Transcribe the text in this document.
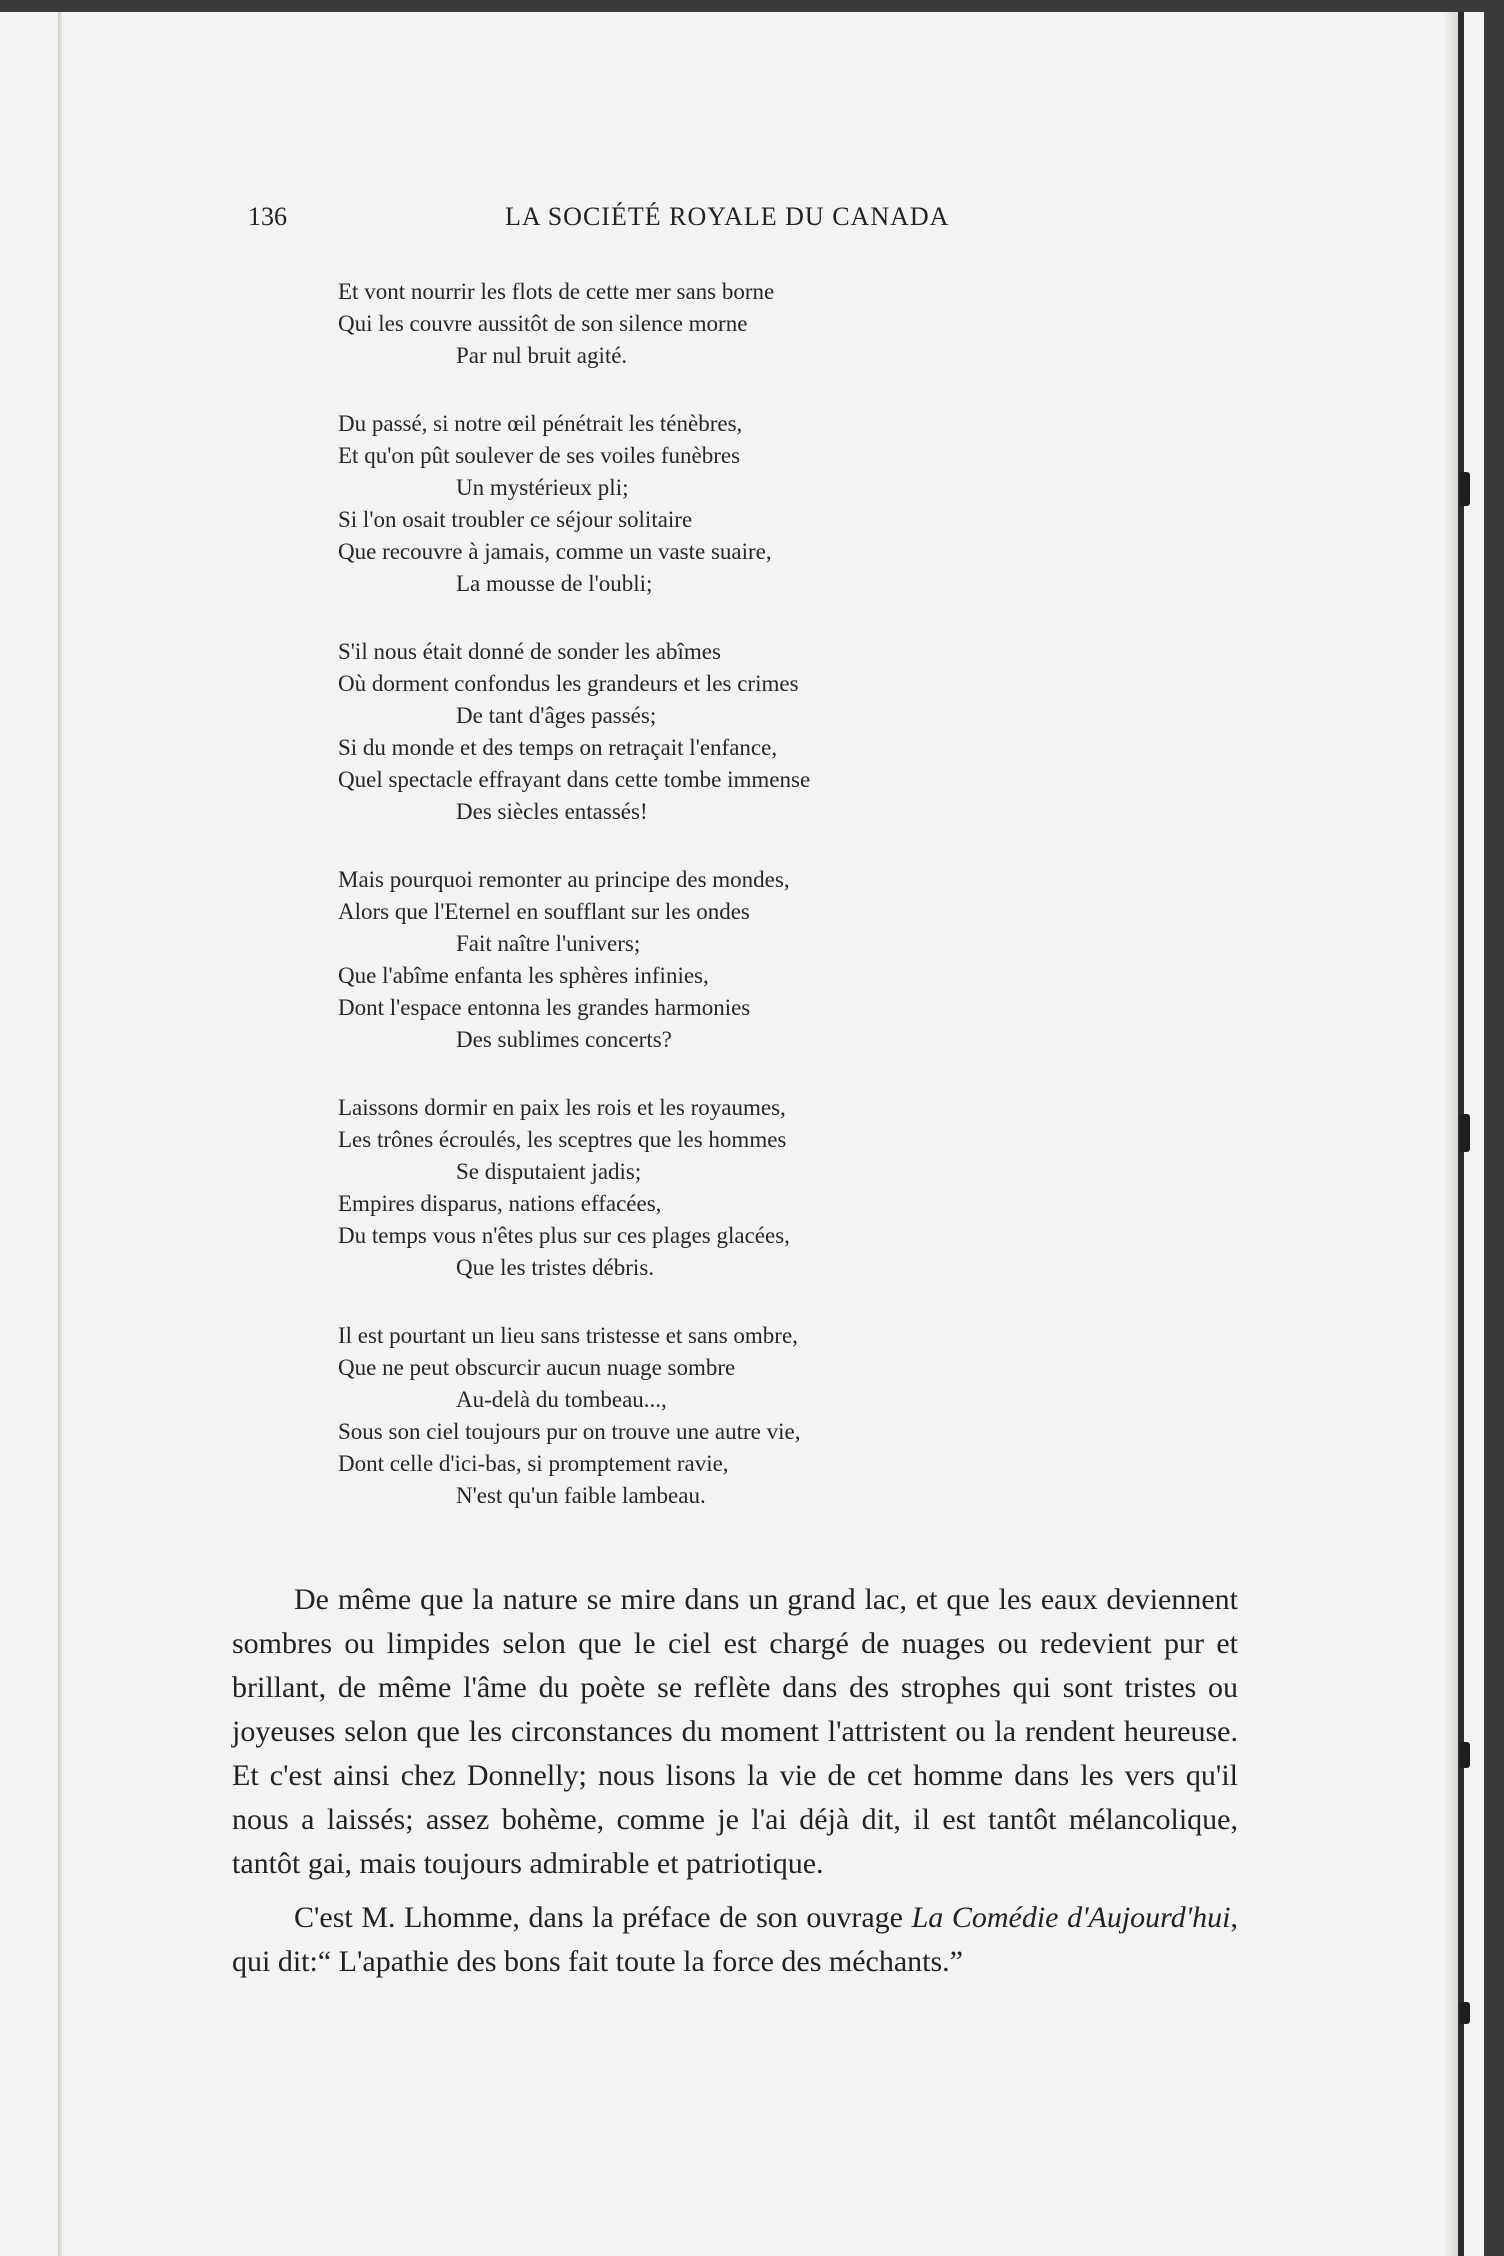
136	LA SOCIÉTÉ ROYALE DU CANADA
Et vont nourrir les flots de cette mer sans borne
Qui les couvre aussitôt de son silence morne
Par nul bruit agité.
Du passé, si notre œil pénétrait les ténèbres,
Et qu'on pût soulever de ses voiles funèbres
Un mystérieux pli;
Si l'on osait troubler ce séjour solitaire
Que recouvre à jamais, comme un vaste suaire,
La mousse de l'oubli;
S'il nous était donné de sonder les abîmes
Où dorment confondus les grandeurs et les crimes
De tant d'âges passés;
Si du monde et des temps on retraçait l'enfance,
Quel spectacle effrayant dans cette tombe immense
Des siècles entassés!
Mais pourquoi remonter au principe des mondes,
Alors que l'Eternel en soufflant sur les ondes
Fait naître l'univers;
Que l'abîme enfanta les sphères infinies,
Dont l'espace entonna les grandes harmonies
Des sublimes concerts?
Laissons dormir en paix les rois et les royaumes,
Les trônes écroulés, les sceptres que les hommes
Se disputaient jadis;
Empires disparus, nations effacées,
Du temps vous n'êtes plus sur ces plages glacées,
Que les tristes débris.
Il est pourtant un lieu sans tristesse et sans ombre,
Que ne peut obscurcir aucun nuage sombre
Au-delà du tombeau...,
Sous son ciel toujours pur on trouve une autre vie,
Dont celle d'ici-bas, si promptement ravie,
N'est qu'un faible lambeau.

De même que la nature se mire dans un grand lac, et que les eaux deviennent sombres ou limpides selon que le ciel est chargé de nuages ou redevient pur et brillant, de même l'âme du poète se reflète dans des strophes qui sont tristes ou joyeuses selon que les circonstances du moment l'attristent ou la rendent heureuse. Et c'est ainsi chez Donnelly; nous lisons la vie de cet homme dans les vers qu'il nous a laissés; assez bohème, comme je l'ai déjà dit, il est tantôt mélancolique, tantôt gai, mais toujours admirable et patriotique.

C'est M. Lhomme, dans la préface de son ouvrage La Comédie d'Aujourd'hui, qui dit:“ L'apathie des bons fait toute la force des méchants.”
